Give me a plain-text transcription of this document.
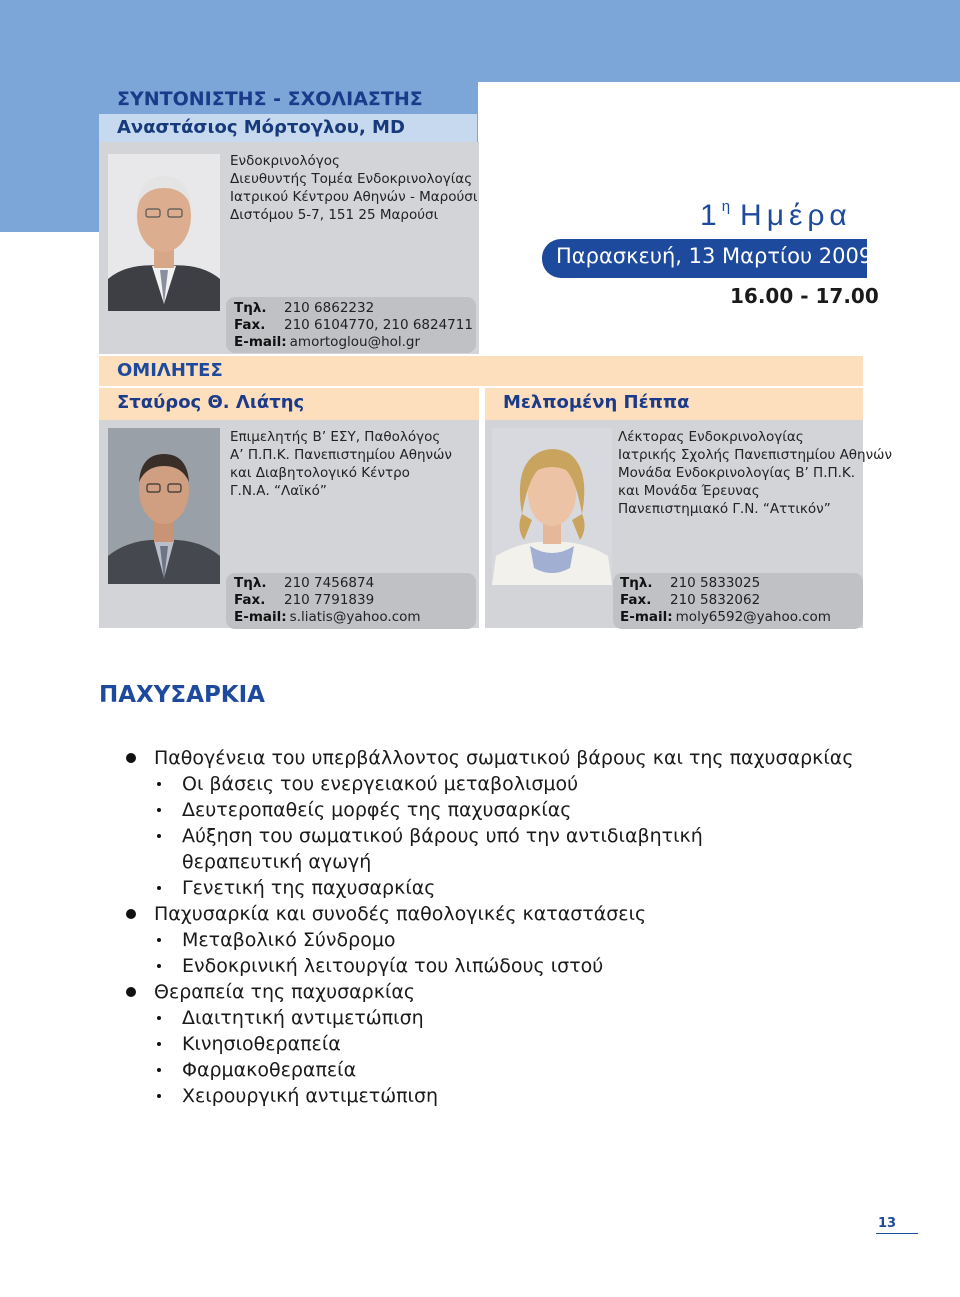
ΣΥΝΤΟΝΙΣΤΗΣ - ΣΧΟΛΙΑΣΤΗΣ
Αναστάσιος Μόρτογλου, MD
Ενδοκρινολόγος
Διευθυντής Τομέα Ενδοκρινολογίας
Ιατρικού Κέντρου Αθηνών - Μαρούσι
Διστόμου 5-7, 151 25 Μαρούσι
Τηλ. 210 6862232
Fax. 210 6104770, 210 6824711
E-mail: amortoglou@hol.gr
$1^\eta$ Ημέρα
Παρασκευή, 13 Μαρτίου 2009
16.00 - 17.00
ΟΜΙΛΗΤΕΣ
Σταύρος Θ. Λιάτης	Μελπομένη Πέππα
Επιμελητής Β’ ΕΣΥ, Παθολόγος
Α’ Π.Π.Κ. Πανεπιστημίου Αθηνών
και Διαβητολογικό Κέντρο
Γ.Ν.Α. “Λαϊκό”
Τηλ. 210 7456874
Fax. 210 7791839
E-mail: s.liatis@yahoo.com
Λέκτορας Ενδοκρινολογίας
Ιατρικής Σχολής Πανεπιστημίου Αθηνών
Μονάδα Ενδοκρινολογίας Β’ Π.Π.Κ.
και Μονάδα Έρευνας
Πανεπιστημιακό Γ.Ν. “Αττικόν”
Τηλ. 210 5833025
Fax. 210 5832062
E-mail: moly6592@yahoo.com
ΠΑΧΥΣΑΡΚΙΑ
Παθογένεια του υπερβάλλοντος σωματικού βάρους και της παχυσαρκίας
Οι βάσεις του ενεργειακού μεταβολισμού
Δευτεροπαθείς μορφές της παχυσαρκίας
Αύξηση του σωματικού βάρους υπό την αντιδιαβητική θεραπευτική αγωγή
Γενετική της παχυσαρκίας
Παχυσαρκία και συνοδές παθολογικές καταστάσεις
Μεταβολικό Σύνδρομο
Ενδοκρινική λειτουργία του λιπώδους ιστού
Θεραπεία της παχυσαρκίας
Διαιτητική αντιμετώπιση
Κινησιοθεραπεία
Φαρμακοθεραπεία
Χειρουργική αντιμετώπιση
13
